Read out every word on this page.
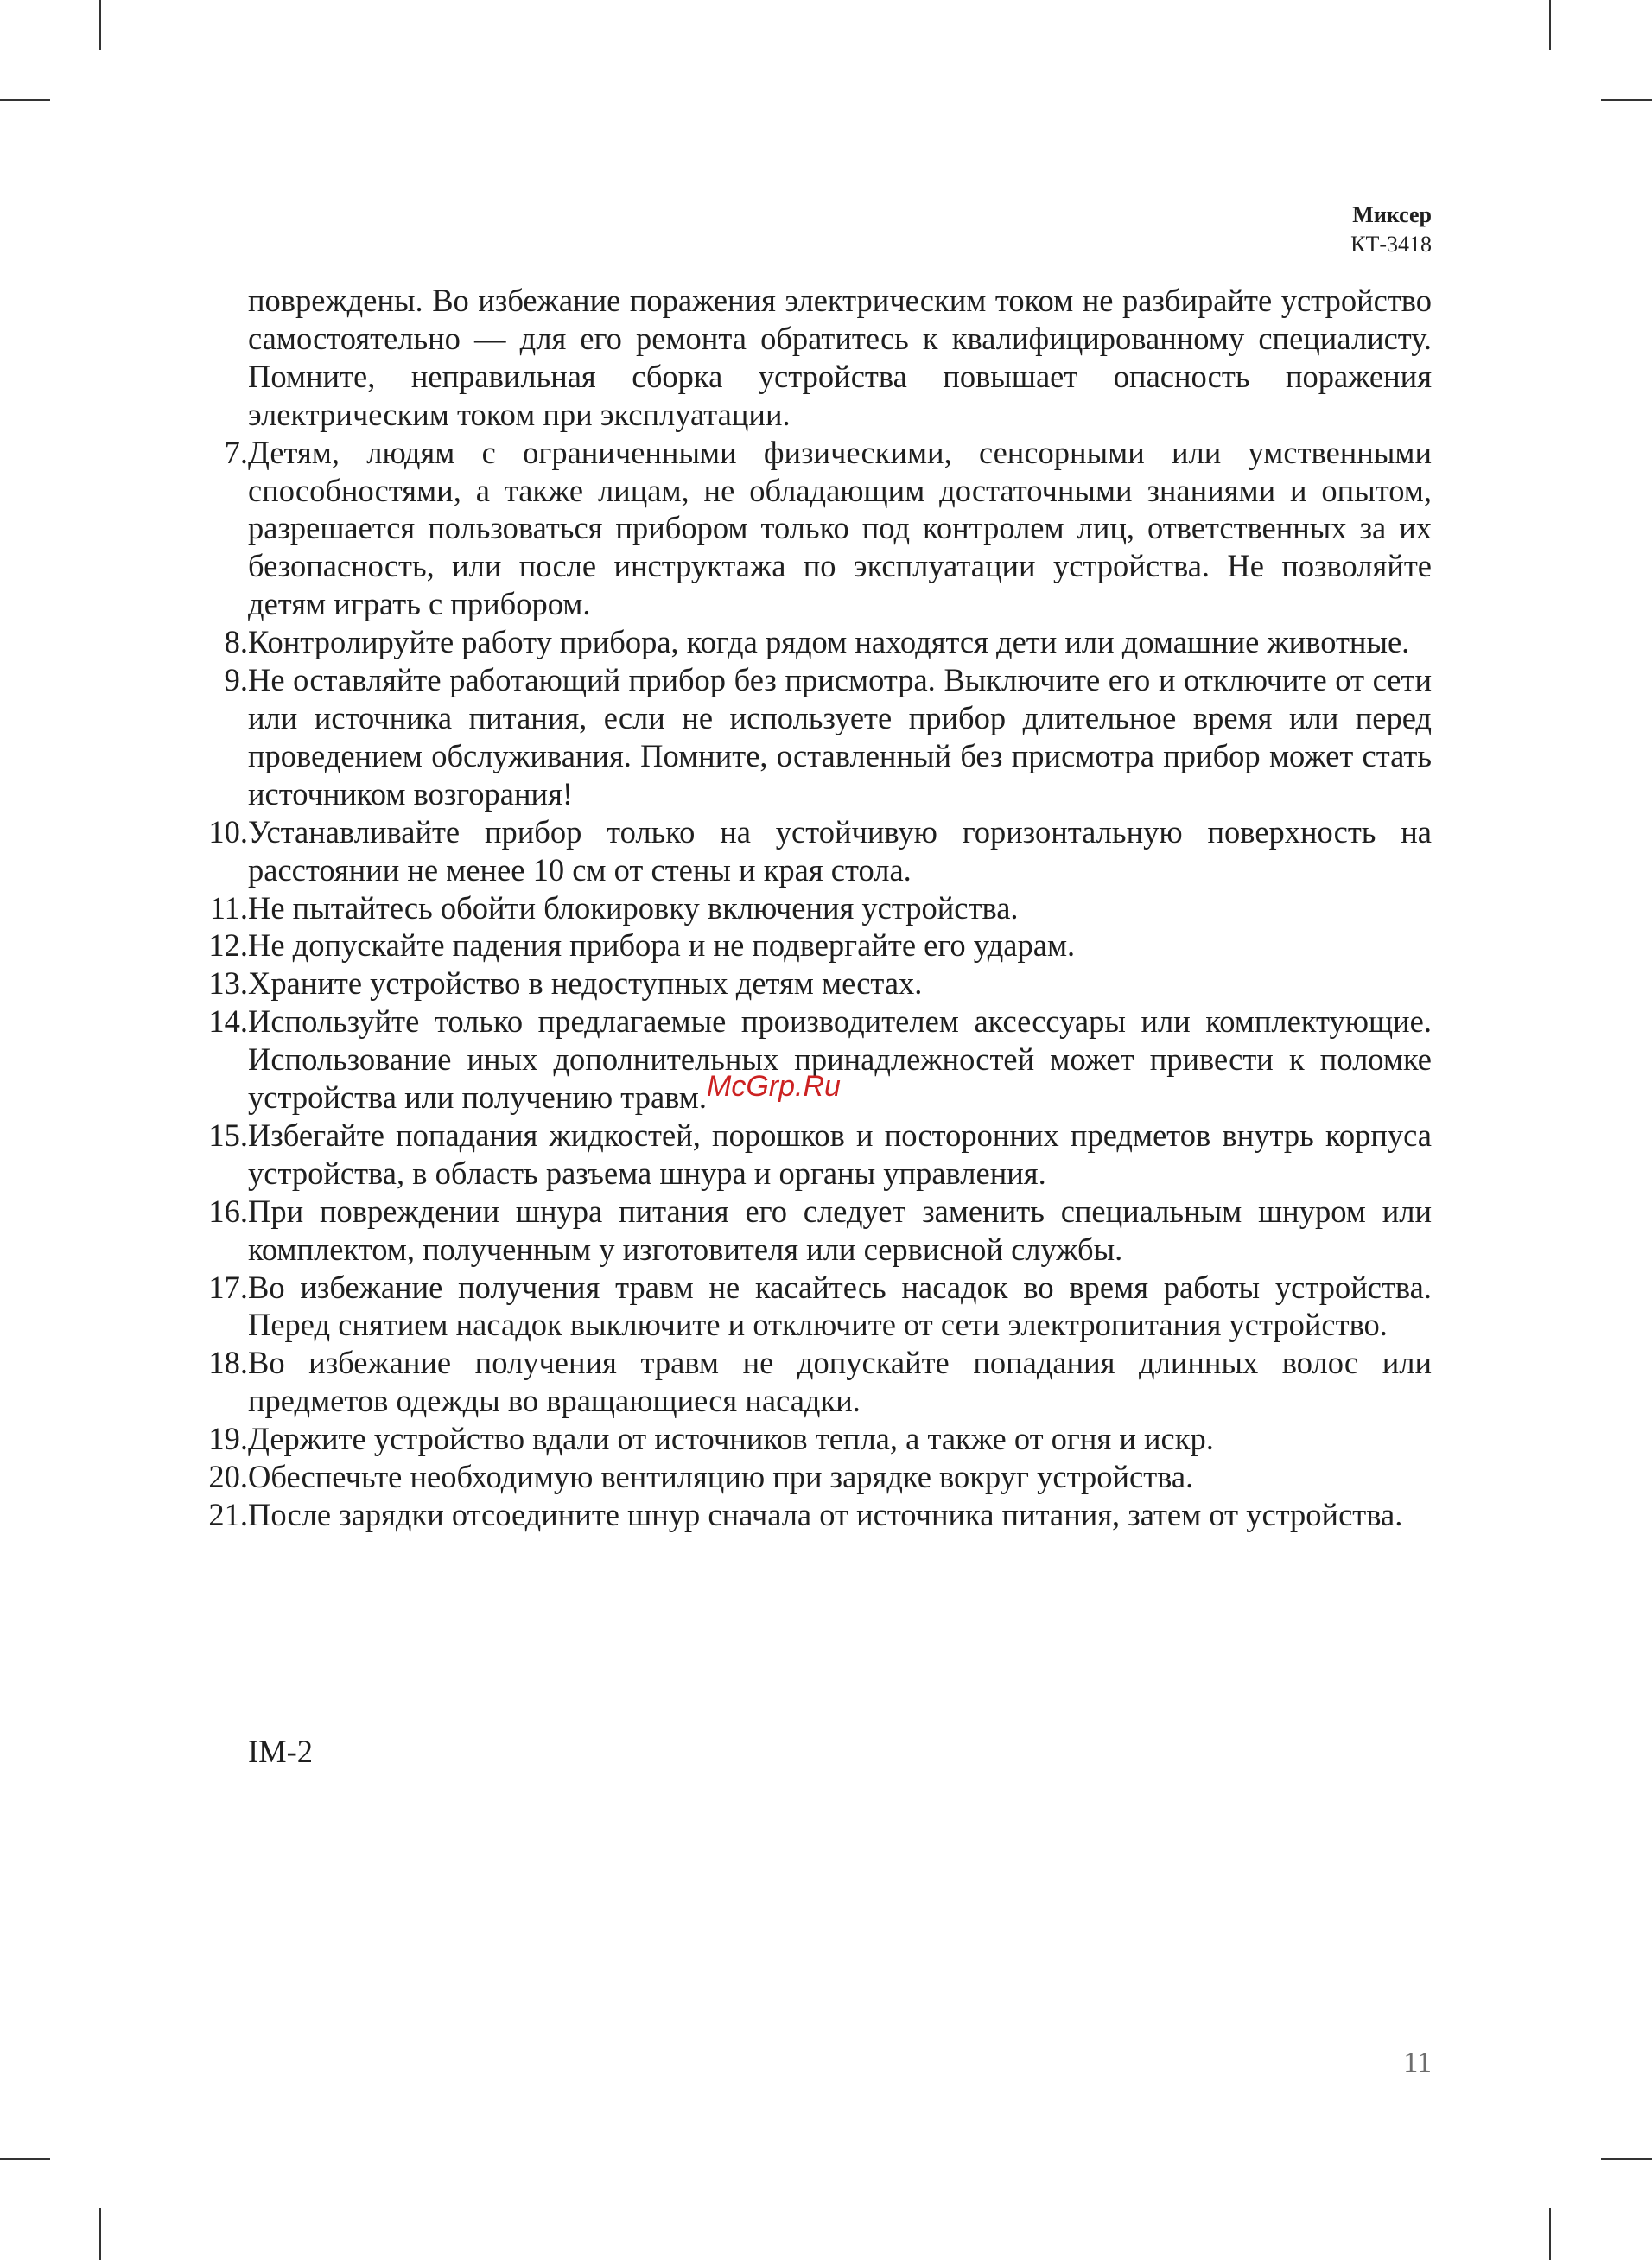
Миксер
КТ-3418
повреждены. Во избежание поражения электрическим током не разбирайте устройство самостоятельно — для его ремонта обратитесь к квалифицированному специалисту. Помните, неправильная сборка устройства повышает опасность поражения электрическим током при эксплуатации.
7. Детям, людям с ограниченными физическими, сенсорными или умственными способностями, а также лицам, не обладающим достаточными знаниями и опытом, разрешается пользоваться прибором только под контролем лиц, ответственных за их безопасность, или после инструктажа по эксплуатации устройства. Не позволяйте детям играть с прибором.
8. Контролируйте работу прибора, когда рядом находятся дети или домашние животные.
9. Не оставляйте работающий прибор без присмотра. Выключите его и отключите от сети или источника питания, если не используете прибор длительное время или перед проведением обслуживания. Помните, оставленный без присмотра прибор может стать источником возгорания!
10. Устанавливайте прибор только на устойчивую горизонтальную поверхность на расстоянии не менее 10 см от стены и края стола.
11. Не пытайтесь обойти блокировку включения устройства.
12. Не допускайте падения прибора и не подвергайте его ударам.
13. Храните устройство в недоступных детям местах.
14. Используйте только предлагаемые производителем аксессуары или комплектующие. Использование иных дополнительных принадлежностей может привести к поломке устройства или получению травм.
15. Избегайте попадания жидкостей, порошков и посторонних предметов внутрь корпуса устройства, в область разъема шнура и органы управления.
16. При повреждении шнура питания его следует заменить специальным шнуром или комплектом, полученным у изготовителя или сервисной службы.
17. Во избежание получения травм не касайтесь насадок во время работы устройства. Перед снятием насадок выключите и отключите от сети электропитания устройство.
18. Во избежание получения травм не допускайте попадания длинных волос или предметов одежды во вращающиеся насадки.
19. Держите устройство вдали от источников тепла, а также от огня и искр.
20. Обеспечьте необходимую вентиляцию при зарядке вокруг устройства.
21. После зарядки отсоедините шнур сначала от источника питания, затем от устройства.
McGrp.Ru
IM-2
11
